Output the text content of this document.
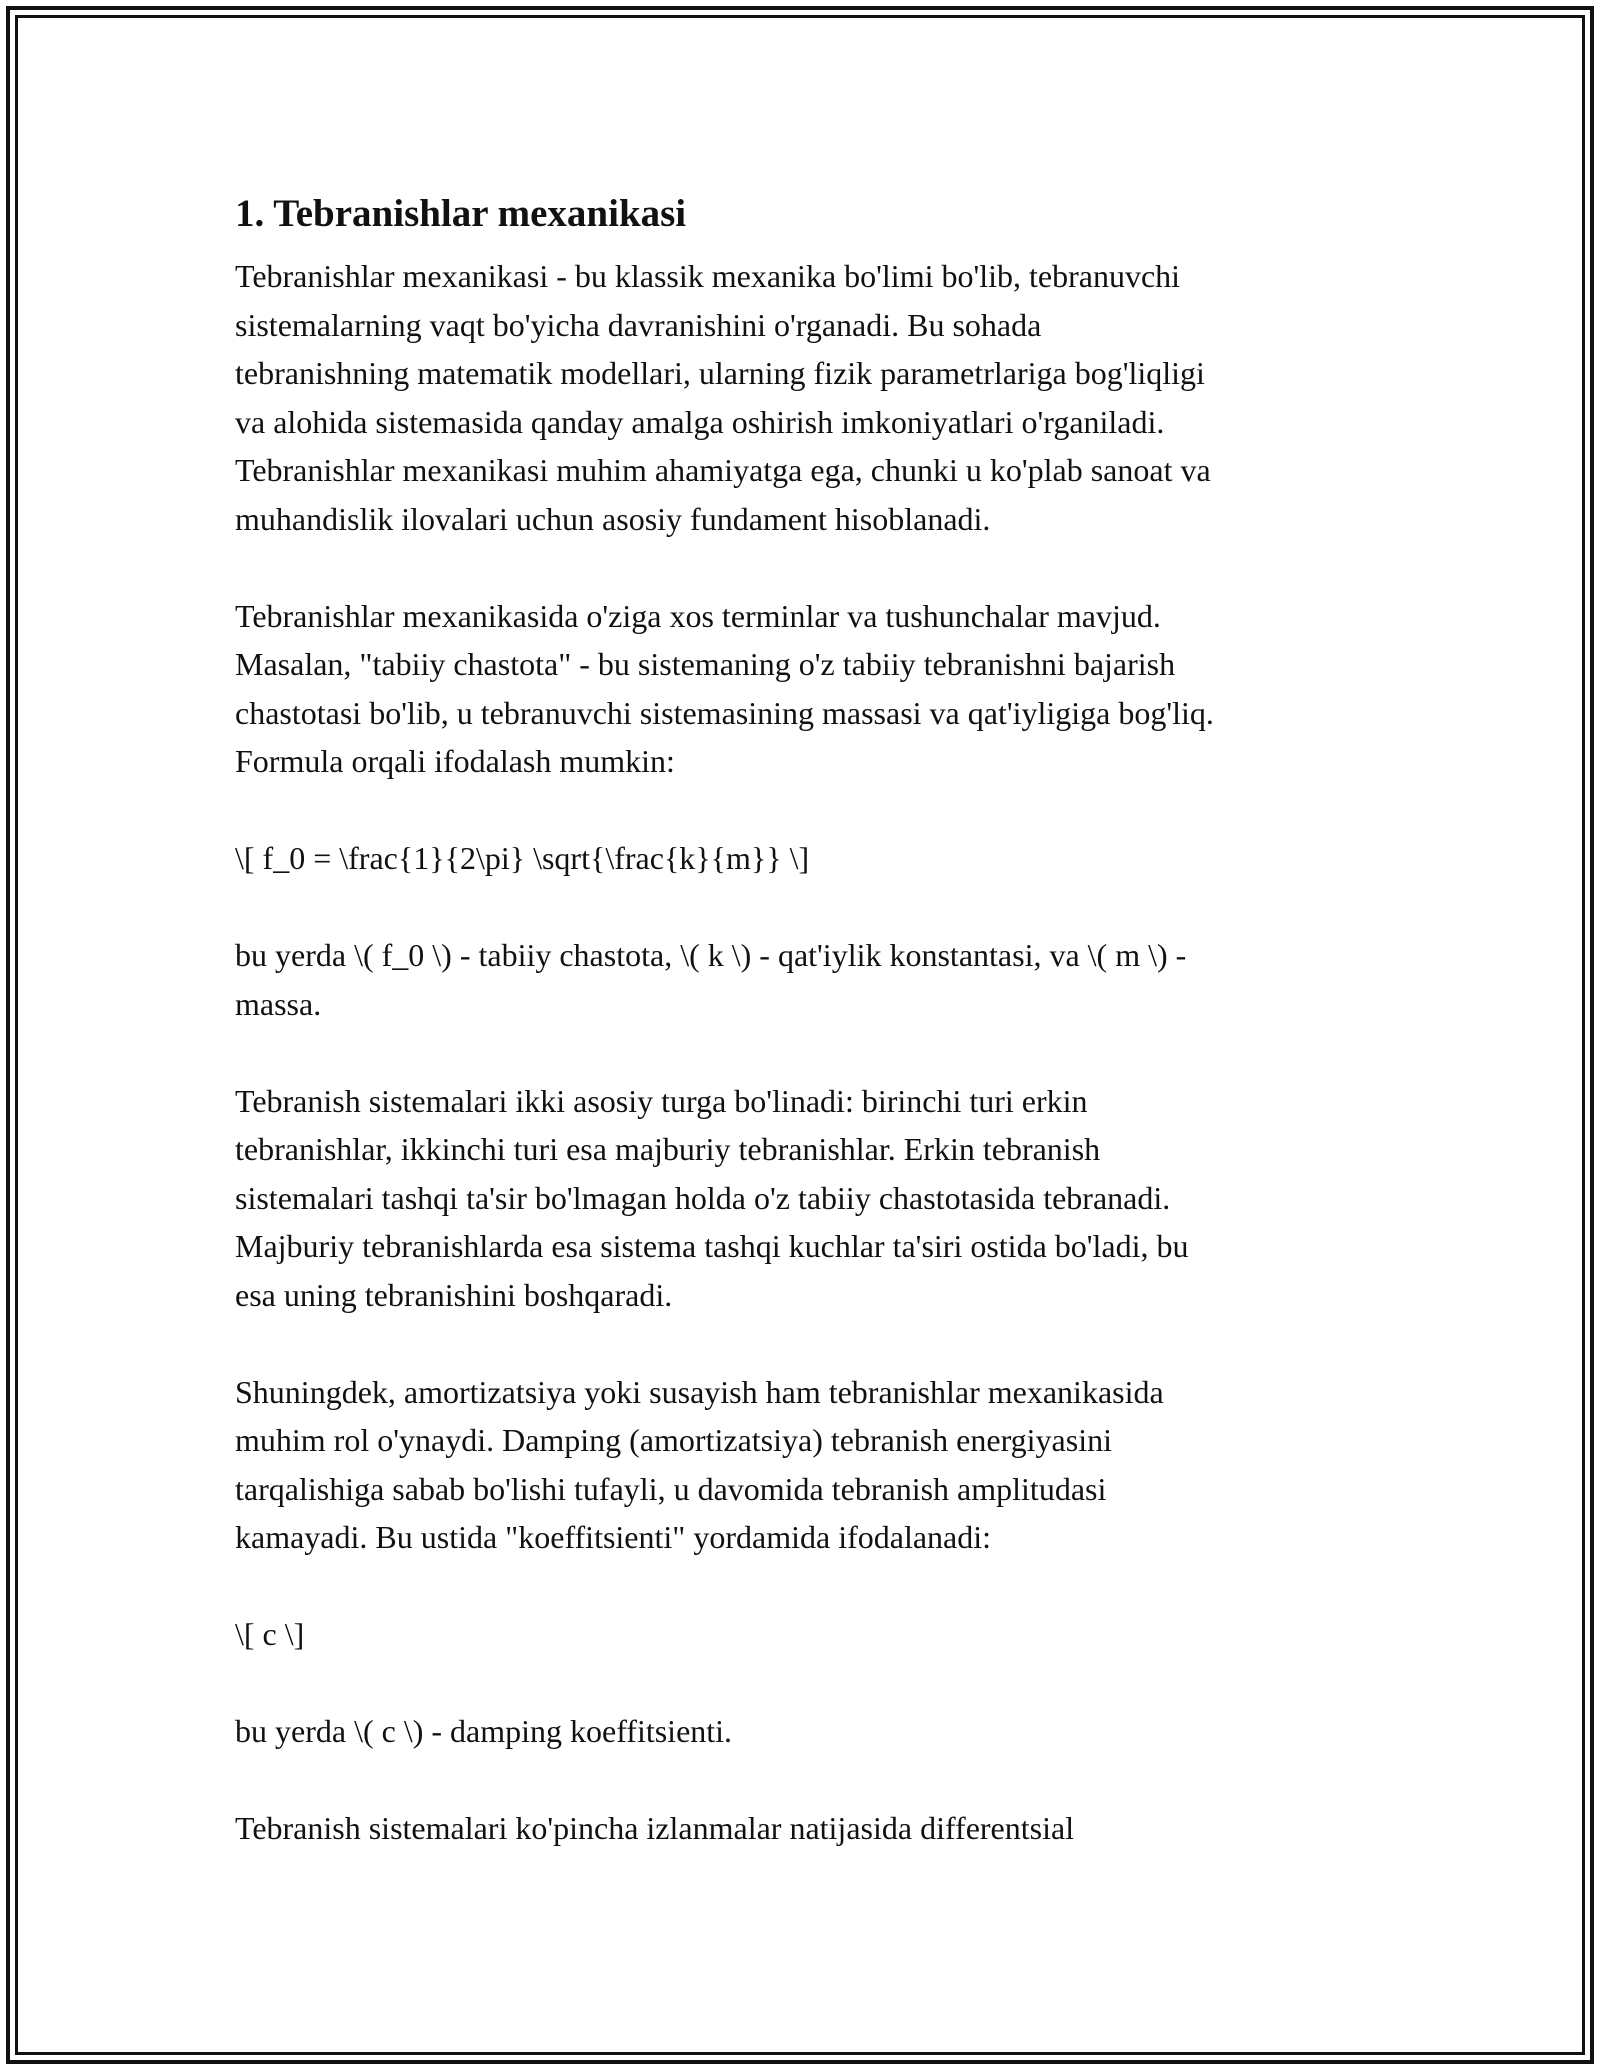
1. Tebranishlar mexanikasi

Tebranishlar mexanikasi - bu klassik mexanika bo'limi bo'lib, tebranuvchi
sistemalarning vaqt bo'yicha davranishini o'rganadi. Bu sohada
tebranishning matematik modellari, ularning fizik parametrlariga bog'liqligi
va alohida sistemasida qanday amalga oshirish imkoniyatlari o'rganiladi.
Tebranishlar mexanikasi muhim ahamiyatga ega, chunki u ko'plab sanoat va
muhandislik ilovalari uchun asosiy fundament hisoblanadi.

Tebranishlar mexanikasida o'ziga xos terminlar va tushunchalar mavjud.
Masalan, "tabiiy chastota" - bu sistemaning o'z tabiiy tebranishni bajarish
chastotasi bo'lib, u tebranuvchi sistemasining massasi va qat'iyligiga bog'liq.
Formula orqali ifodalash mumkin:

\[ f_0 = \frac{1}{2\pi} \sqrt{\frac{k}{m}} \]

bu yerda \( f_0 \) - tabiiy chastota, \( k \) - qat'iylik konstantasi, va \( m \) -
massa.

Tebranish sistemalari ikki asosiy turga bo'linadi: birinchi turi erkin
tebranishlar, ikkinchi turi esa majburiy tebranishlar. Erkin tebranish
sistemalari tashqi ta'sir bo'lmagan holda o'z tabiiy chastotasida tebranadi.
Majburiy tebranishlarda esa sistema tashqi kuchlar ta'siri ostida bo'ladi, bu
esa uning tebranishini boshqaradi.

Shuningdek, amortizatsiya yoki susayish ham tebranishlar mexanikasida
muhim rol o'ynaydi. Damping (amortizatsiya) tebranish energiyasini
tarqalishiga sabab bo'lishi tufayli, u davomida tebranish amplitudasi
kamayadi. Bu ustida "koeffitsienti" yordamida ifodalanadi:

\[ c \]

bu yerda \( c \) - damping koeffitsienti.

Tebranish sistemalari ko'pincha izlanmalar natijasida differentsial
